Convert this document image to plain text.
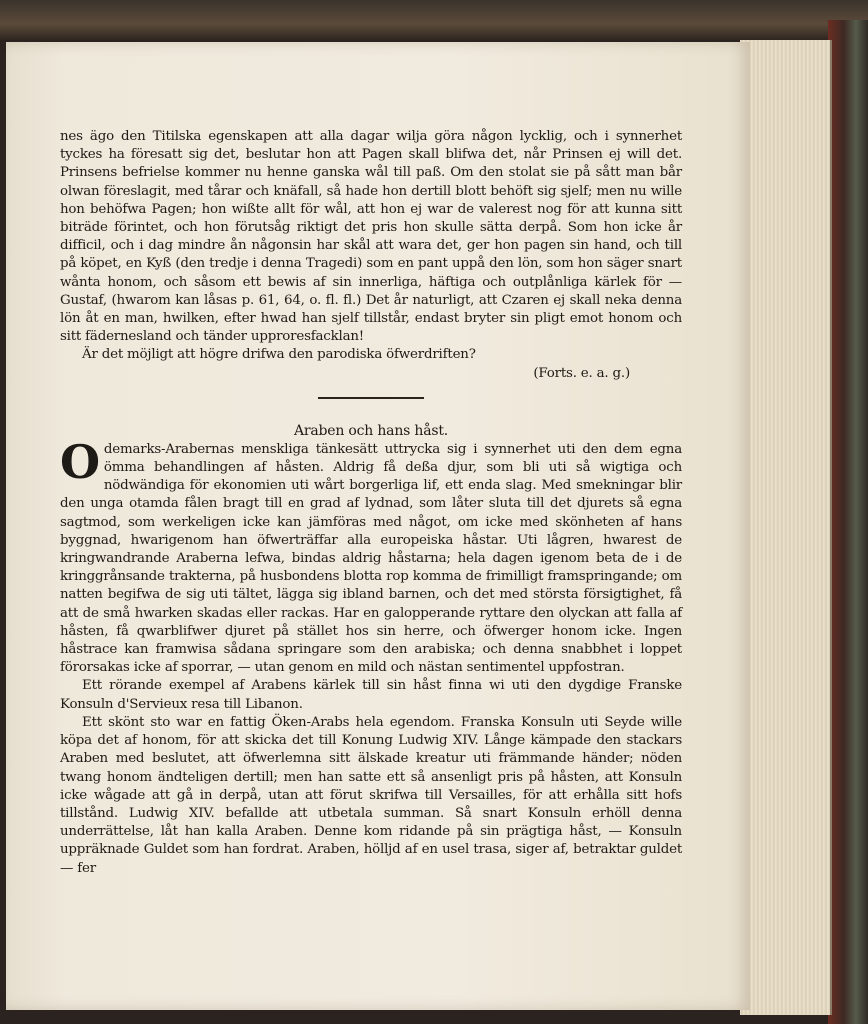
nes ägo den Titilska egenskapen att alla dagar wilja göra någon lycklig, och i synnerhet tyckes ha föresatt sig det, beslutar hon att Pagen skall blifwa det, når Prinsen ej will det. Prinsens befrielse kommer nu henne ganska wål till paß. Om den stolat sie på sått man bår olwan föreslagit, med tårar och knäfall, så hade hon dertill blott behöft sig sjelf; men nu wille hon behöfwa Pagen; hon wißte allt för wål, att hon ej war de valerest nog för att kunna sitt biträde förintet, och hon förutsåg riktigt det pris hon skulle sätta derpå. Som hon icke år difficil, och i dag mindre ån någonsin har skål att wara det, ger hon pagen sin hand, och till på köpet, en Kyß (den tredje i denna Tragedi) som en pant uppå den lön, som hon säger snart wånta honom, och såsom ett bewis af sin innerliga, häftiga och outplånliga kärlek för — Gustaf, (hwarom kan låsas p. 61, 64, o. fl. fl.) Det år naturligt, att Czaren ej skall neka denna lön åt en man, hwilken, efter hwad han sjelf tillstår, endast bryter sin pligt emot honom och sitt fädernesland och tänder upproresfacklan!

Är det möjligt att högre drifwa den parodiska öfwerdriften?

(Forts. e. a. g.)

Araben och hans håst.

Odemarks-Arabernas menskliga tänkesätt uttrycka sig i synnerhet uti den dem egna ömma behandlingen af håsten. Aldrig få deßa djur, som bli uti så wigtiga och nödwändiga för ekonomien uti wårt borgerliga lif, ett enda slag. Med smekningar blir den unga otamda fålen bragt till en grad af lydnad, som låter sluta till det djurets så egna sagtmod, som werkeligen icke kan jämföras med något, om icke med skönheten af hans byggnad, hwarigenom han öfwerträffar alla europeiska håstar. Uti lågren, hwarest de kringwandrande Araberna lefwa, bindas aldrig håstarna; hela dagen igenom beta de i de kringgrånsande trakterna, på husbondens blotta rop komma de frimilligt framspringande; om natten begifwa de sig uti tältet, lägga sig ibland barnen, och det med största försigtighet, få att de små hwarken skadas eller rackas. Har en galopperande ryttare den olyckan att falla af håsten, få qwarblifwer djuret på stället hos sin herre, och öfwerger honom icke. Ingen håstrace kan framwisa sådana springare som den arabiska; och denna snabbhet i loppet förorsakas icke af sporrar, — utan genom en mild och nästan sentimentel uppfostran.

Ett rörande exempel af Arabens kärlek till sin håst finna wi uti den dygdige Franske Konsuln d'Servieux resa till Libanon.

Ett skönt sto war en fattig Öken-Arabs hela egendom. Franska Konsuln uti Seyde wille köpa det af honom, för att skicka det till Konung Ludwig XIV. Långe kämpade den stackars Araben med beslutet, att öfwerlemna sitt älskade kreatur uti främmande händer; nöden twang honom ändteligen dertill; men han satte ett så ansenligt pris på håsten, att Konsuln icke wågade att gå in derpå, utan att förut skrifwa till Versailles, för att erhålla sitt hofs tillstånd. Ludwig XIV. befallde att utbetala summan. Så snart Konsuln erhöll denna underrättelse, låt han kalla Araben. Denne kom ridande på sin prägtiga håst, — Konsuln uppräknade Guldet som han fordrat. Araben, hölljd af en usel trasa, siger af, betraktar guldet — fer
